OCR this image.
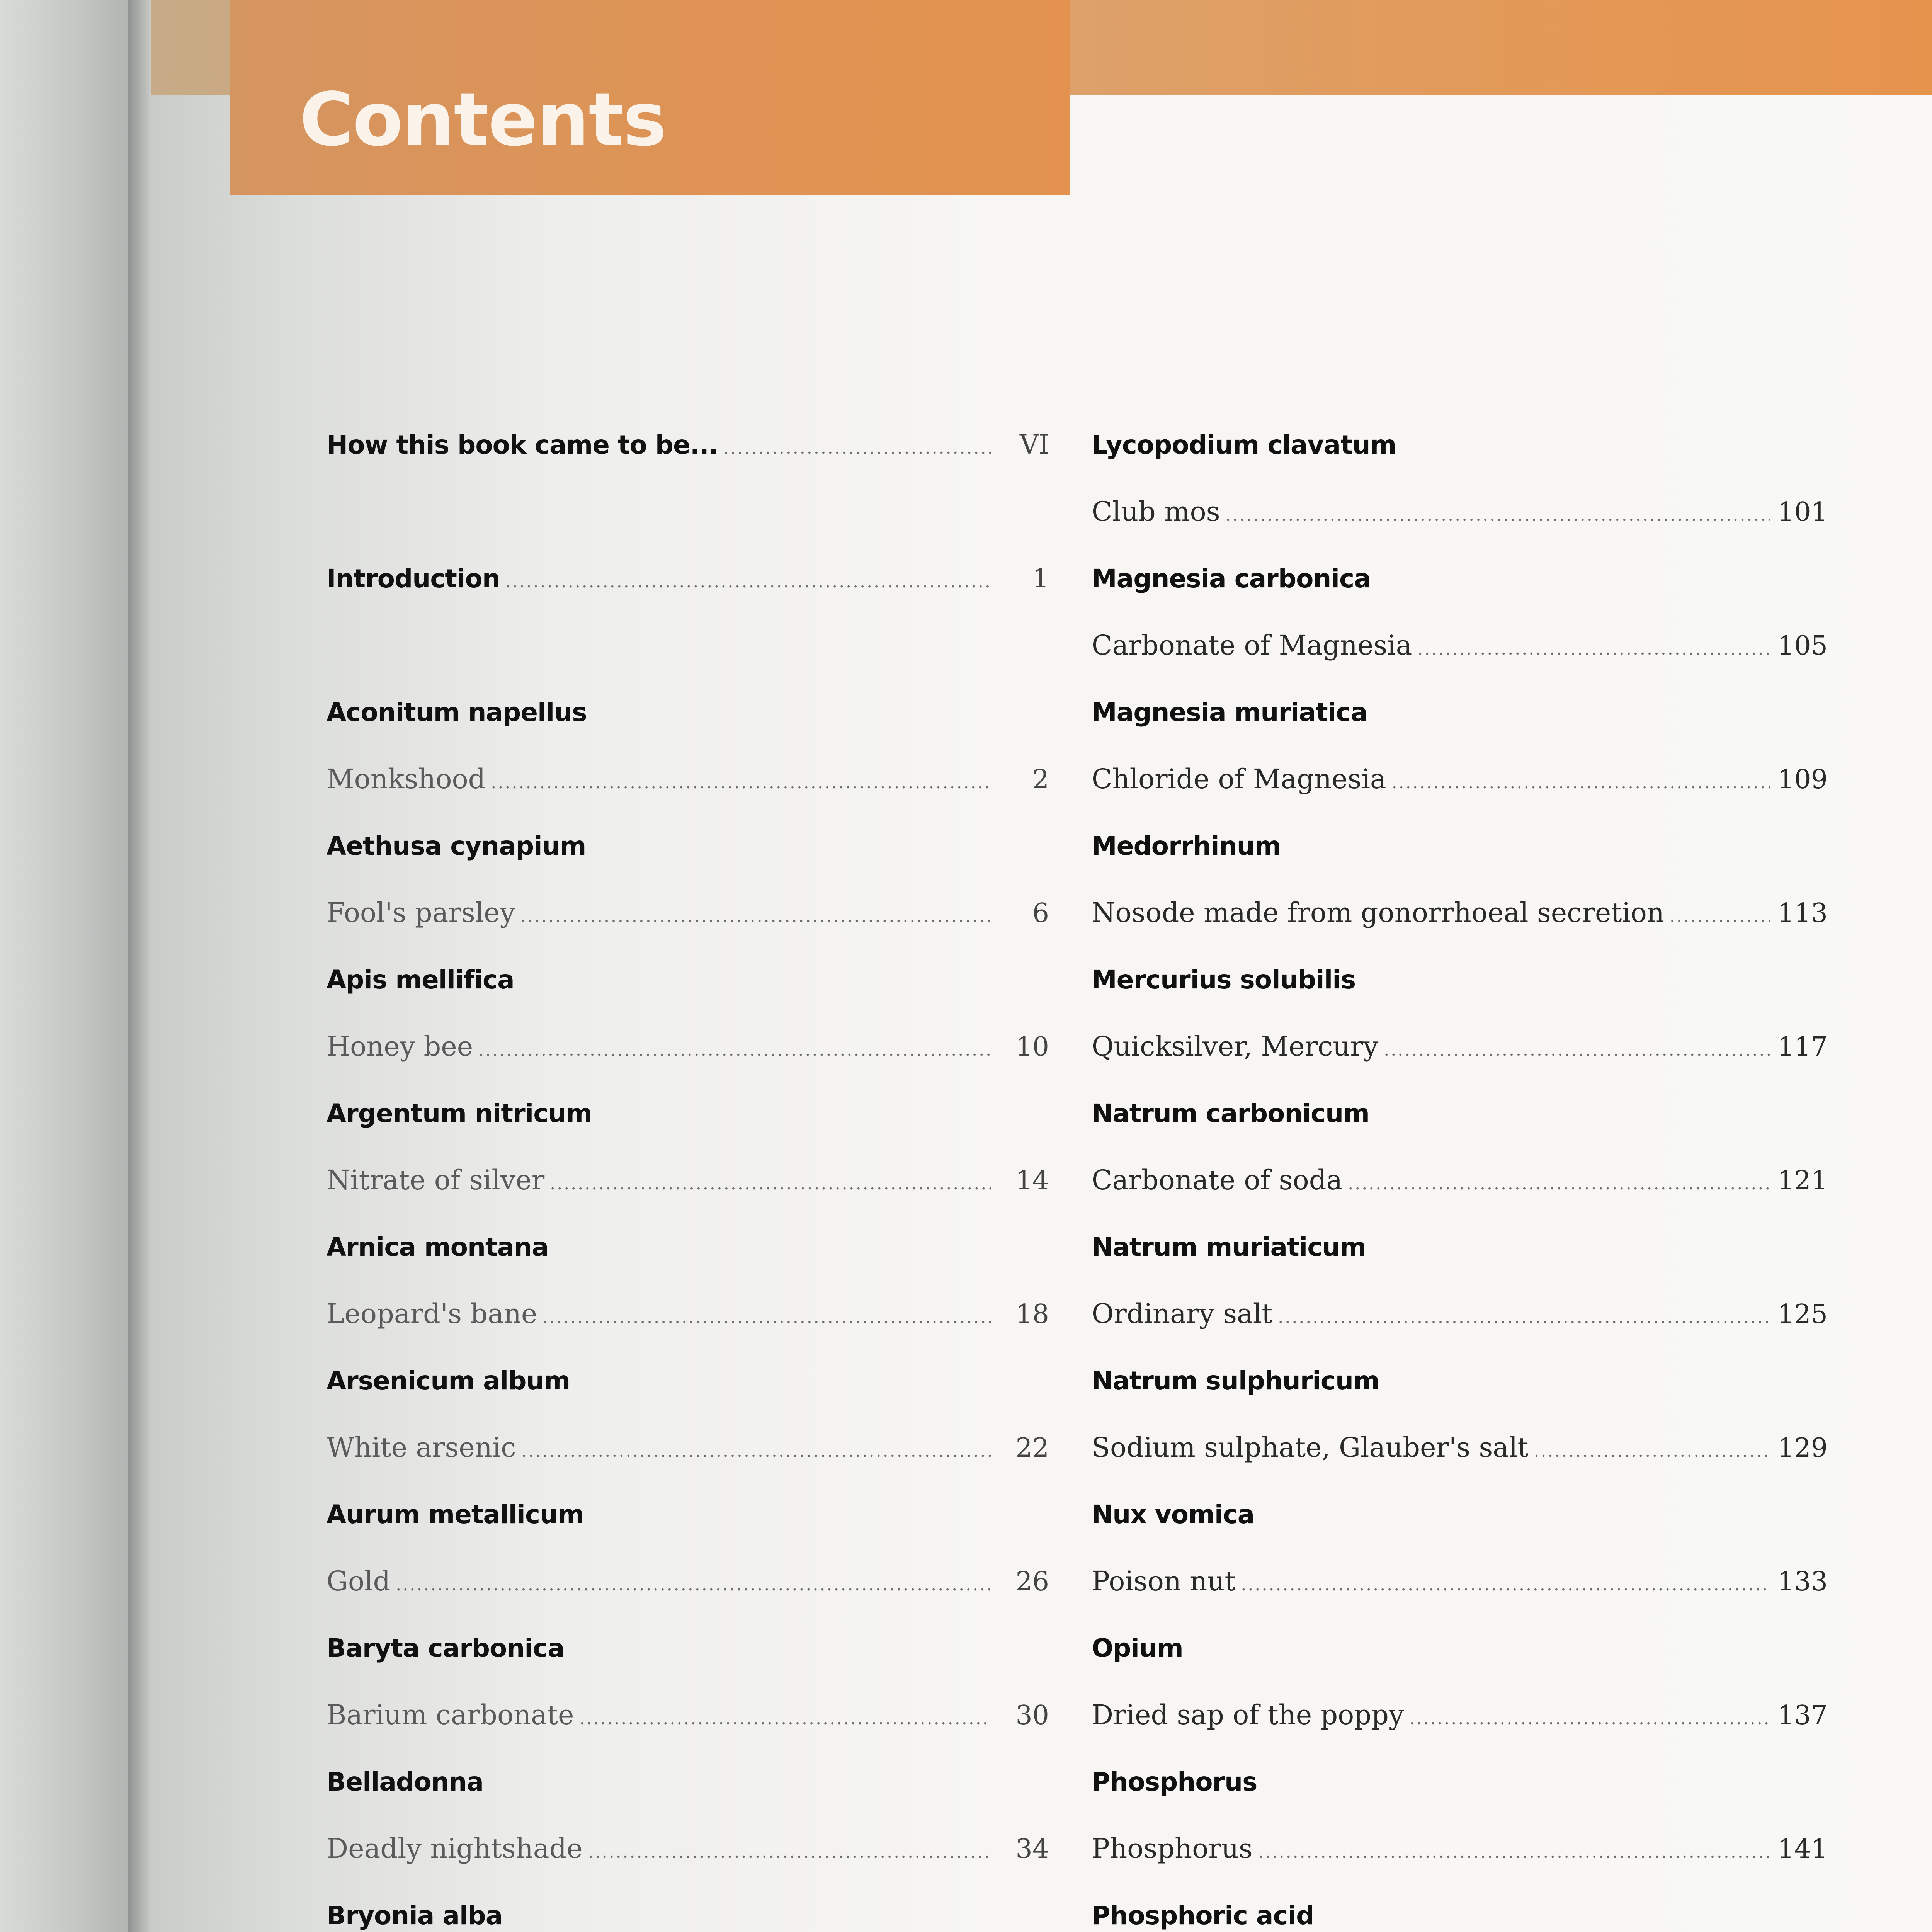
Contents
How this book came to be... .....	VI
Introduction .....	1
Aconitum napellus
Monkshood .....	2
Aethusa cynapium
Fool's parsley .....	6
Apis mellifica
Honey bee .....	10
Argentum nitricum
Nitrate of silver .....	14
Arnica montana
Leopard's bane .....	18
Arsenicum album
White arsenic .....	22
Aurum metallicum
Gold .....	26
Baryta carbonica
Barium carbonate .....	30
Belladonna
Deadly nightshade .....	34
Bryonia alba
Lycopodium clavatum
Club mos .....	101
Magnesia carbonica
Carbonate of Magnesia .....	105
Magnesia muriatica
Chloride of Magnesia .....	109
Medorrhinum
Nosode made from gonorrhoeal secretion .....	113
Mercurius solubilis
Quicksilver, Mercury .....	117
Natrum carbonicum
Carbonate of soda .....	121
Natrum muriaticum
Ordinary salt .....	125
Natrum sulphuricum
Sodium sulphate, Glauber's salt .....	129
Nux vomica
Poison nut .....	133
Opium
Dried sap of the poppy .....	137
Phosphorus
Phosphorus .....	141
Phosphoric acid
